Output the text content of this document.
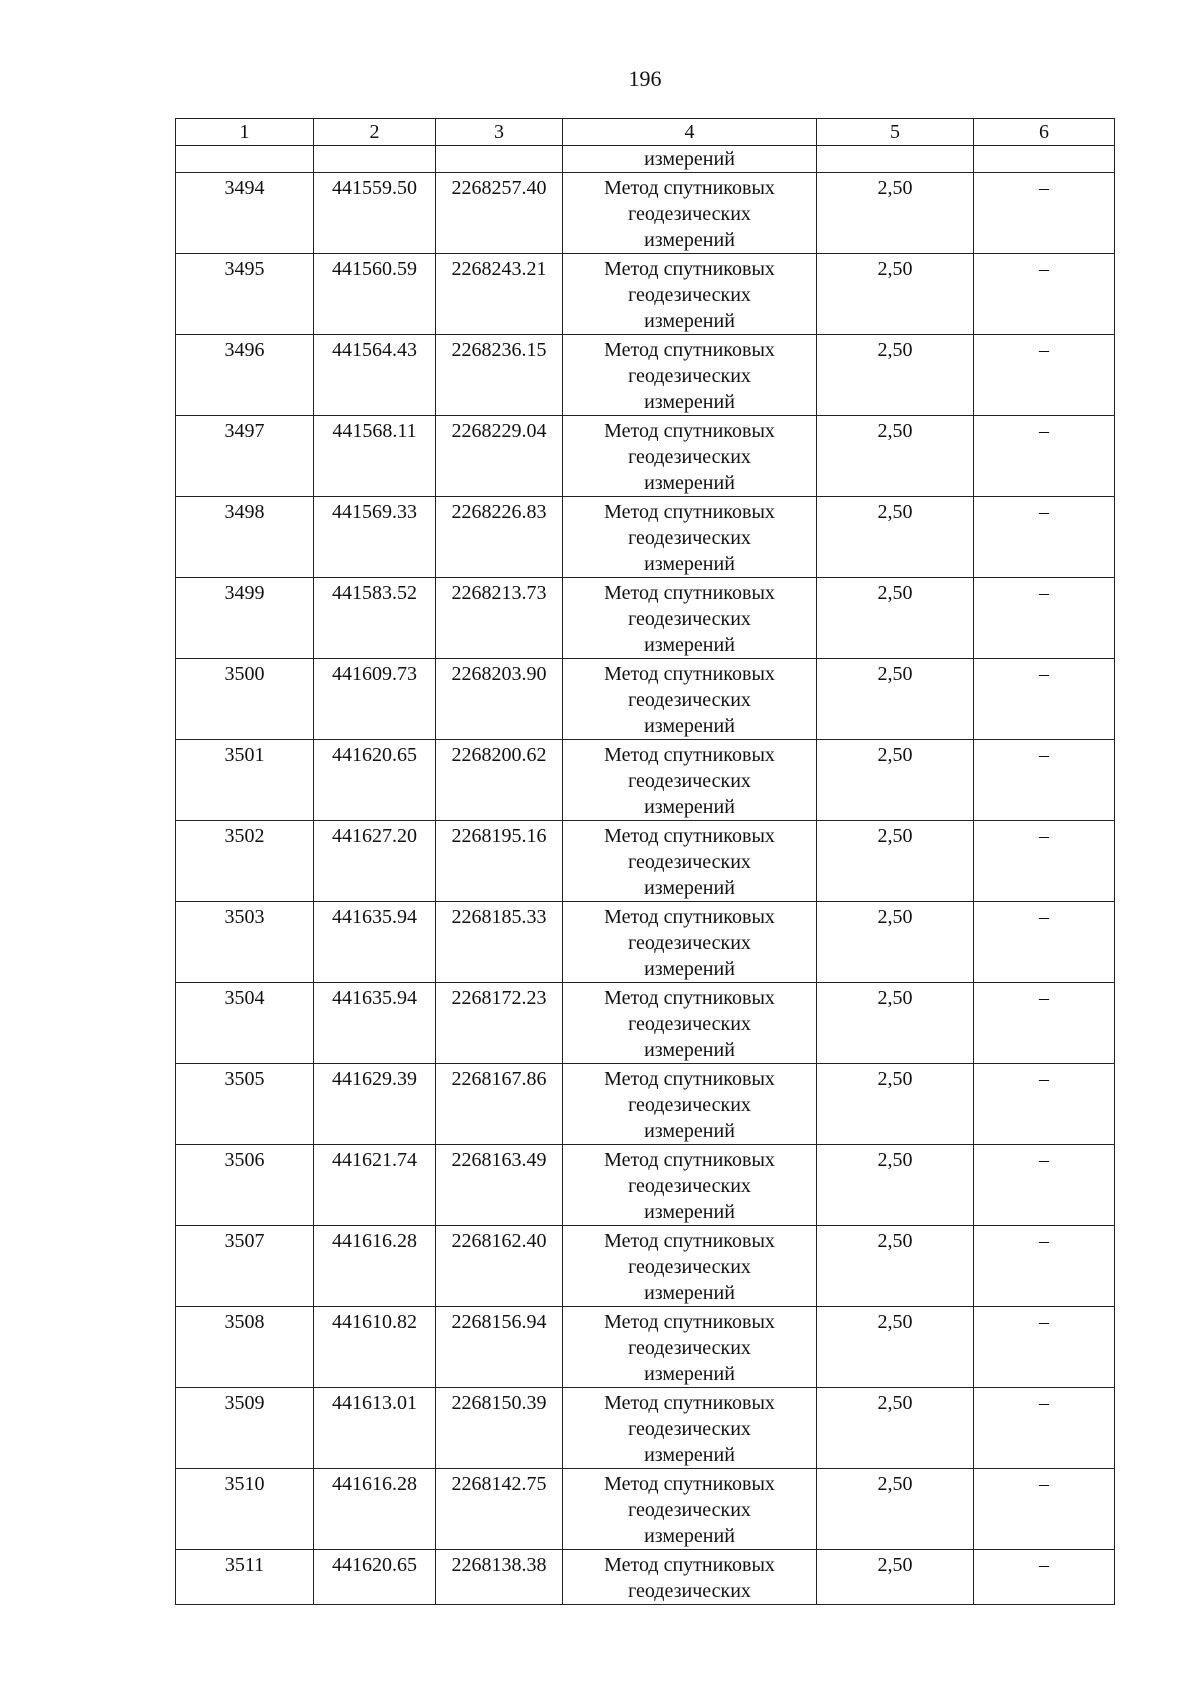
196
1	2	3	4	5	6
			измерений		
3494	441559.50	2268257.40	Метод спутниковых
геодезических
измерений	2,50	–
3495	441560.59	2268243.21	Метод спутниковых
геодезических
измерений	2,50	–
3496	441564.43	2268236.15	Метод спутниковых
геодезических
измерений	2,50	–
3497	441568.11	2268229.04	Метод спутниковых
геодезических
измерений	2,50	–
3498	441569.33	2268226.83	Метод спутниковых
геодезических
измерений	2,50	–
3499	441583.52	2268213.73	Метод спутниковых
геодезических
измерений	2,50	–
3500	441609.73	2268203.90	Метод спутниковых
геодезических
измерений	2,50	–
3501	441620.65	2268200.62	Метод спутниковых
геодезических
измерений	2,50	–
3502	441627.20	2268195.16	Метод спутниковых
геодезических
измерений	2,50	–
3503	441635.94	2268185.33	Метод спутниковых
геодезических
измерений	2,50	–
3504	441635.94	2268172.23	Метод спутниковых
геодезических
измерений	2,50	–
3505	441629.39	2268167.86	Метод спутниковых
геодезических
измерений	2,50	–
3506	441621.74	2268163.49	Метод спутниковых
геодезических
измерений	2,50	–
3507	441616.28	2268162.40	Метод спутниковых
геодезических
измерений	2,50	–
3508	441610.82	2268156.94	Метод спутниковых
геодезических
измерений	2,50	–
3509	441613.01	2268150.39	Метод спутниковых
геодезических
измерений	2,50	–
3510	441616.28	2268142.75	Метод спутниковых
геодезических
измерений	2,50	–
3511	441620.65	2268138.38	Метод спутниковых
геодезических	2,50	–
